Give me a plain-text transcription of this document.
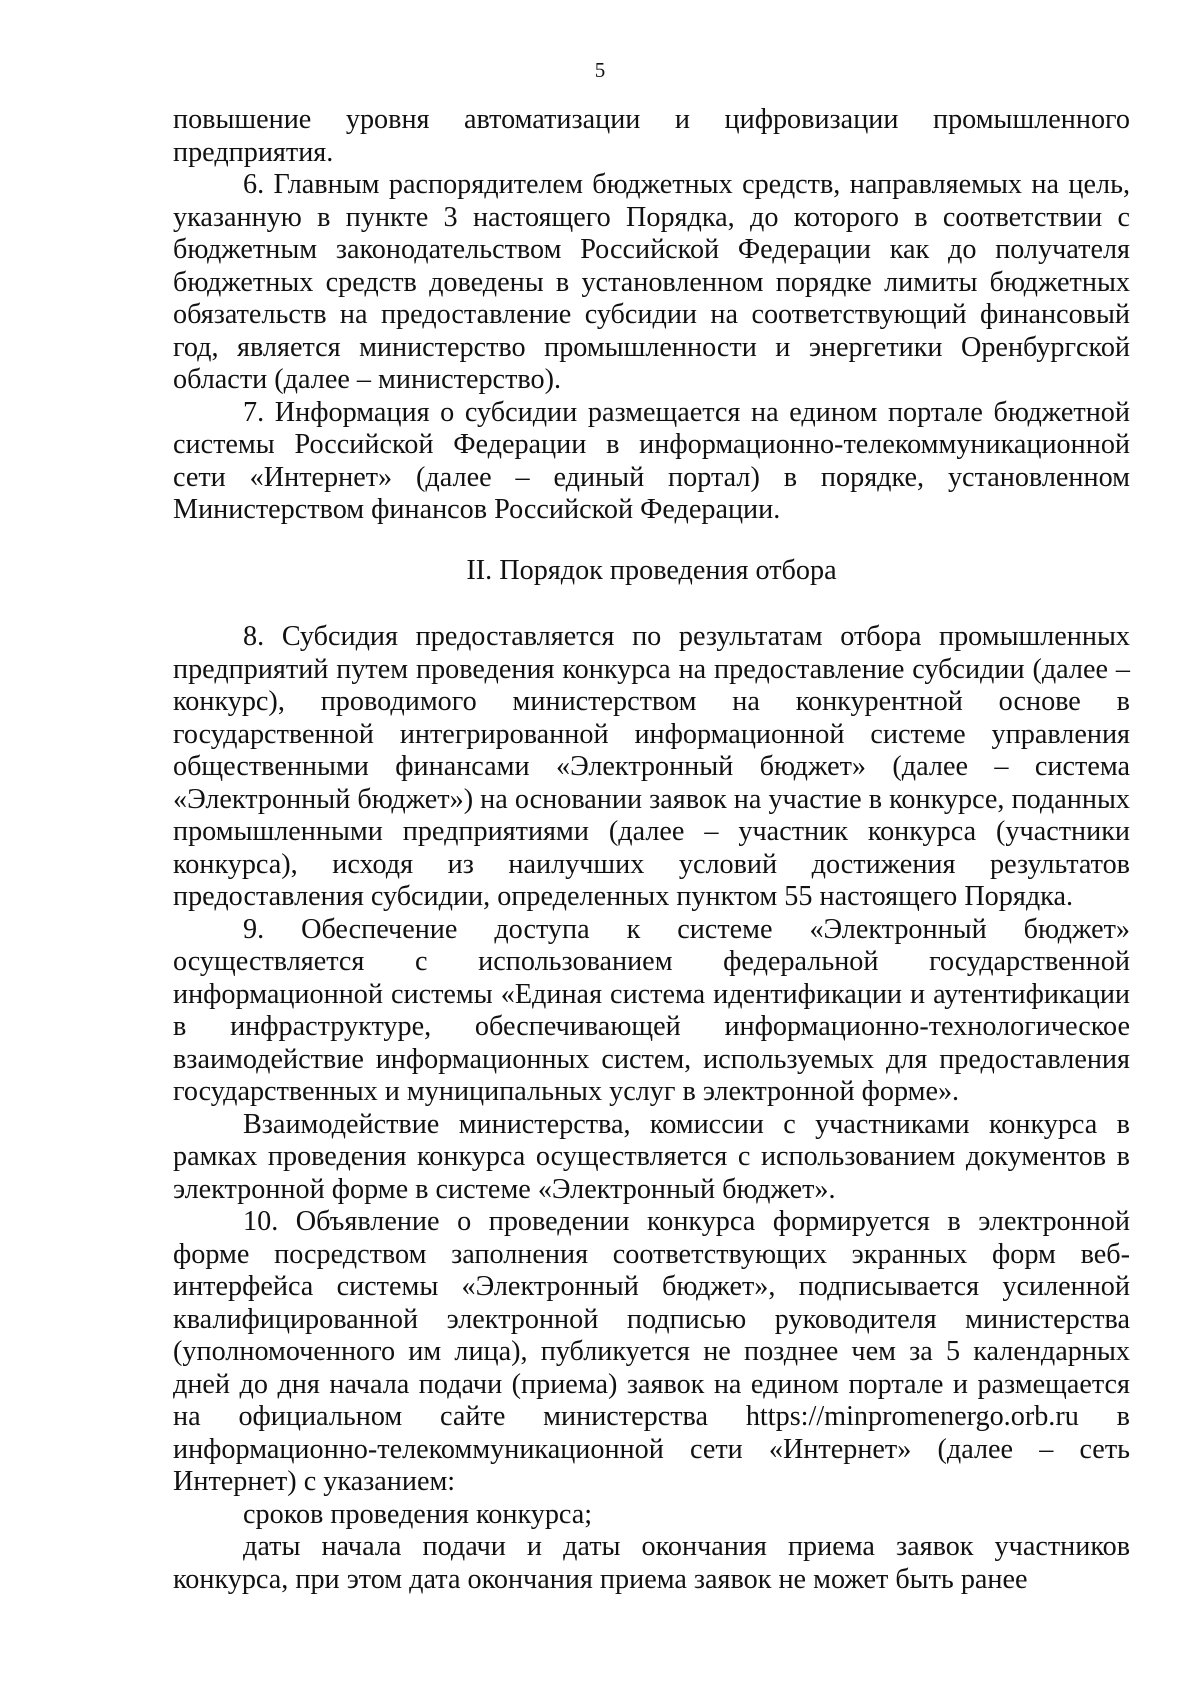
5

повышение уровня автоматизации и цифровизации промышленного предприятия.

6. Главным распорядителем бюджетных средств, направляемых на цель, указанную в пункте 3 настоящего Порядка, до которого в соответствии с бюджетным законодательством Российской Федерации как до получателя бюджетных средств доведены в установленном порядке лимиты бюджетных обязательств на предоставление субсидии на соответствующий финансовый год, является министерство промышленности и энергетики Оренбургской области (далее – министерство).

7. Информация о субсидии размещается на едином портале бюджетной системы Российской Федерации в информационно-телекоммуникационной сети «Интернет» (далее – единый портал) в порядке, установленном Министерством финансов Российской Федерации.

II. Порядок проведения отбора

8. Субсидия предоставляется по результатам отбора промышленных предприятий путем проведения конкурса на предоставление субсидии (далее – конкурс), проводимого министерством на конкурентной основе в государственной интегрированной информационной системе управления общественными финансами «Электронный бюджет» (далее – система «Электронный бюджет») на основании заявок на участие в конкурсе, поданных промышленными предприятиями (далее – участник конкурса (участники конкурса), исходя из наилучших условий достижения результатов предоставления субсидии, определенных пунктом 55 настоящего Порядка.

9. Обеспечение доступа к системе «Электронный бюджет» осуществляется с использованием федеральной государственной информационной системы «Единая система идентификации и аутентификации в инфраструктуре, обеспечивающей информационно-технологическое взаимодействие информационных систем, используемых для предоставления государственных и муниципальных услуг в электронной форме».

Взаимодействие министерства, комиссии с участниками конкурса в рамках проведения конкурса осуществляется с использованием документов в электронной форме в системе «Электронный бюджет».

10. Объявление о проведении конкурса формируется в электронной форме посредством заполнения соответствующих экранных форм веб-интерфейса системы «Электронный бюджет», подписывается усиленной квалифицированной электронной подписью руководителя министерства (уполномоченного им лица), публикуется не позднее чем за 5 календарных дней до дня начала подачи (приема) заявок на едином портале и размещается на официальном сайте министерства https://minpromenergo.orb.ru в информационно-телекоммуникационной сети «Интернет» (далее – сеть Интернет) с указанием:

сроков проведения конкурса;

даты начала подачи и даты окончания приема заявок участников конкурса, при этом дата окончания приема заявок не может быть ранее
